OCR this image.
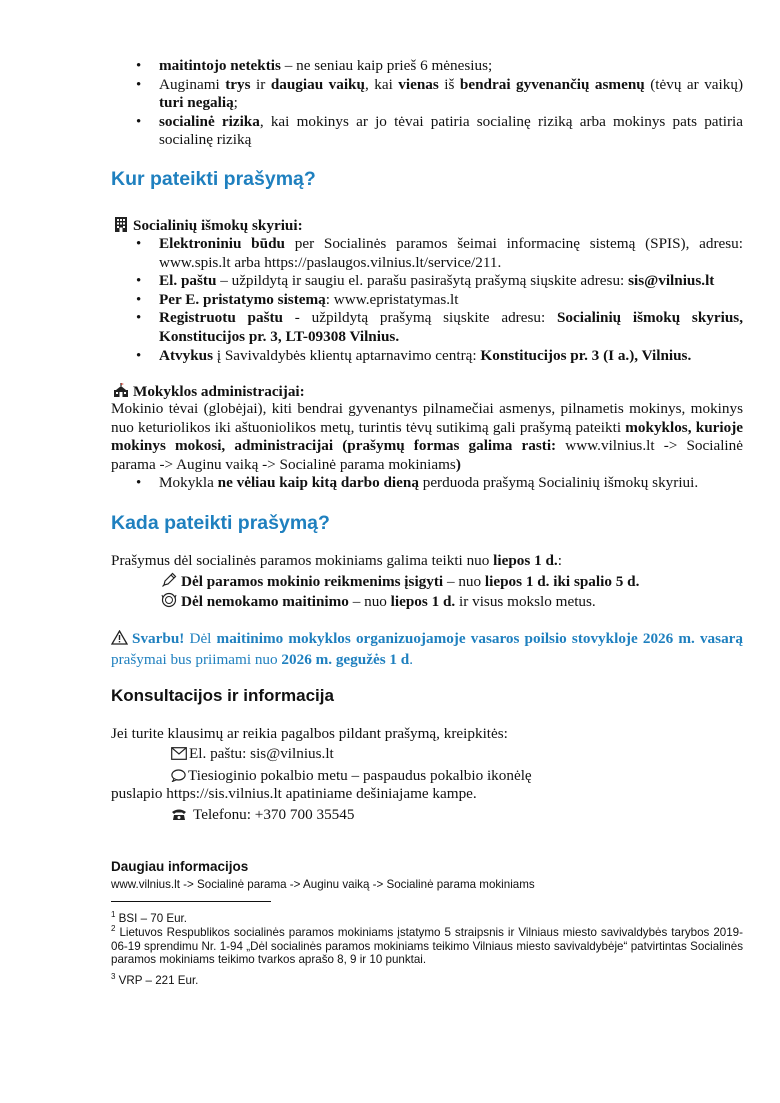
• maitintojo netektis – ne seniau kaip prieš 6 mėnesius;
• Auginami trys ir daugiau vaikų, kai vienas iš bendrai gyvenančių asmenų (tėvų ar vaikų) turi negalią;
• socialinė rizika, kai mokinys ar jo tėvai patiria socialinę riziką arba mokinys pats patiria socialinę riziką
Kur pateikti prašymą?
Socialinių išmokų skyriui:
• Elektroniniu būdu per Socialinės paramos šeimai informacinę sistemą (SPIS), adresu: www.spis.lt arba https://paslaugos.vilnius.lt/service/211.
• El. paštu – užpildytą ir saugiu el. parašu pasirašytą prašymą siųskite adresu: sis@vilnius.lt
• Per E. pristatymo sistemą: www.epristatymas.lt
• Registruotu paštu - užpildytą prašymą siųskite adresu: Socialinių išmokų skyrius, Konstitucijos pr. 3, LT-09308 Vilnius.
• Atvykus į Savivaldybės klientų aptarnavimo centrą: Konstitucijos pr. 3 (I a.), Vilnius.
Mokyklos administracijai:
Mokinio tėvai (globėjai), kiti bendrai gyvenantys pilnamečiai asmenys, pilnametis mokinys, mokinys nuo keturiolikos iki aštuoniolikos metų, turintis tėvų sutikimą gali prašymą pateikti mokyklos, kurioje mokinys mokosi, administracijai (prašymų formas galima rasti: www.vilnius.lt -> Socialinė parama -> Auginu vaiką -> Socialinė parama mokiniams)
• Mokykla ne vėliau kaip kitą darbo dieną perduoda prašymą Socialinių išmokų skyriui.
Kada pateikti prašymą?
Prašymus dėl socialinės paramos mokiniams galima teikti nuo liepos 1 d.:
Dėl paramos mokinio reikmenims įsigyti – nuo liepos 1 d. iki spalio 5 d.
Dėl nemokamo maitinimo – nuo liepos 1 d. ir visus mokslo metus.
Svarbu! Dėl maitinimo mokyklos organizuojamoje vasaros poilsio stovykloje 2026 m. vasarą prašymai bus priimami nuo 2026 m. gegužės 1 d.
Konsultacijos ir informacija
Jei turite klausimų ar reikia pagalbos pildant prašymą, kreipkitės:
El. paštu: sis@vilnius.lt
Tiesioginio pokalbio metu – paspaudus pokalbio ikonėlę
puslapio https://sis.vilnius.lt apatiniame dešiniajame kampe.
Telefonu: +370 700 35545
Daugiau informacijos
www.vilnius.lt -> Socialinė parama -> Auginu vaiką -> Socialinė parama mokiniams
$^1$ BSI – 70 Eur.
$^2$ Lietuvos Respublikos socialinės paramos mokiniams įstatymo 5 straipsnis ir Vilniaus miesto savivaldybės tarybos 2019-06-19 sprendimu Nr. 1-94 „Dėl socialinės paramos mokiniams teikimo Vilniaus miesto savivaldybėje“ patvirtintas Socialinės paramos mokiniams teikimo tvarkos aprašo 8, 9 ir 10 punktai.
$^3$ VRP – 221 Eur.
